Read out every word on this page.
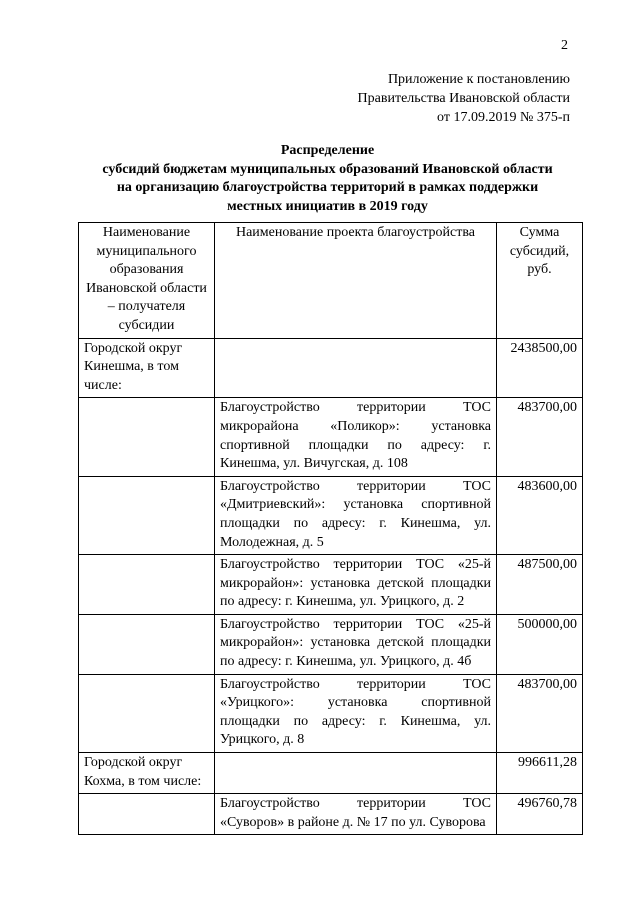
2
Приложение к постановлению
Правительства Ивановской области
от 17.09.2019 № 375-п
Распределение
субсидий бюджетам муниципальных образований Ивановской области
на организацию благоустройства территорий в рамках поддержки
местных инициатив в 2019 году
Наименование муниципального образования Ивановской области – получателя субсидии	Наименование проекта благоустройства	Сумма субсидий, руб.
Городской округ Кинешма, в том числе:		2438500,00
	Благоустройство территории ТОС микрорайона «Поликор»: установка спортивной площадки по адресу: г. Кинешма, ул. Вичугская, д. 108	483700,00
	Благоустройство территории ТОС «Дмитриевский»: установка спортивной площадки по адресу: г. Кинешма, ул. Молодежная, д. 5	483600,00
	Благоустройство территории ТОС «25-й микрорайон»: установка детской площадки по адресу: г. Кинешма, ул. Урицкого, д. 2	487500,00
	Благоустройство территории ТОС «25-й микрорайон»: установка детской площадки по адресу: г. Кинешма, ул. Урицкого, д. 4б	500000,00
	Благоустройство территории ТОС «Урицкого»: установка спортивной площадки по адресу: г. Кинешма, ул. Урицкого, д. 8	483700,00
Городской округ Кохма, в том числе:		996611,28
	Благоустройство территории ТОС «Суворов» в районе д. № 17 по ул. Суворова	496760,78
